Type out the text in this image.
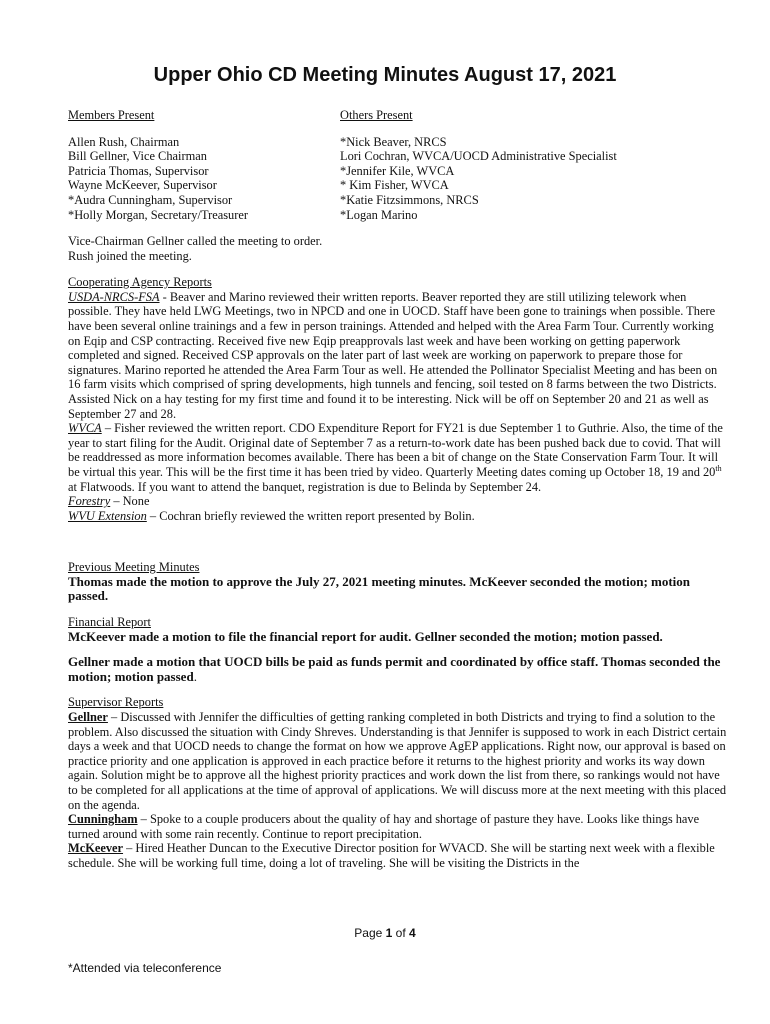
Upper Ohio CD Meeting Minutes August 17, 2021
Members Present
Allen Rush, Chairman
Bill Gellner, Vice Chairman
Patricia Thomas, Supervisor
Wayne McKeever, Supervisor
*Audra Cunningham, Supervisor
*Holly Morgan, Secretary/Treasurer
Others Present
*Nick Beaver, NRCS
Lori Cochran, WVCA/UOCD Administrative Specialist
*Jennifer Kile, WVCA
* Kim Fisher, WVCA
*Katie Fitzsimmons, NRCS
*Logan Marino

Vice-Chairman Gellner called the meeting to order.

Rush joined the meeting.

Cooperating Agency Reports

USDA-NRCS-FSA - Beaver and Marino reviewed their written reports. Beaver reported they are still utilizing telework when possible. They have held LWG Meetings, two in NPCD and one in UOCD. Staff have been gone to trainings when possible. There have been several online trainings and a few in person trainings. Attended and helped with the Area Farm Tour. Currently working on Eqip and CSP contracting. Received five new Eqip preapprovals last week and have been working on getting paperwork completed and signed. Received CSP approvals on the later part of last week are working on paperwork to prepare those for signatures. Marino reported he attended the Area Farm Tour as well. He attended the Pollinator Specialist Meeting and has been on 16 farm visits which comprised of spring developments, high tunnels and fencing, soil tested on 8 farms between the two Districts. Assisted Nick on a hay testing for my first time and found it to be interesting. Nick will be off on September 20 and 21 as well as September 27 and 28.

WVCA – Fisher reviewed the written report. CDO Expenditure Report for FY21 is due September 1 to Guthrie. Also, the time of the year to start filing for the Audit. Original date of September 7 as a return-to-work date has been pushed back due to covid. That will be readdressed as more information becomes available. There has been a bit of change on the State Conservation Farm Tour. It will be virtual this year. This will be the first time it has been tried by video. Quarterly Meeting dates coming up October 18, 19 and 20th at Flatwoods. If you want to attend the banquet, registration is due to Belinda by September 24.

Forestry – None

WVU Extension – Cochran briefly reviewed the written report presented by Bolin.

Previous Meeting Minutes

Thomas made the motion to approve the July 27, 2021 meeting minutes. McKeever seconded the motion; motion passed.

Financial Report

McKeever made a motion to file the financial report for audit. Gellner seconded the motion; motion passed.

Gellner made a motion that UOCD bills be paid as funds permit and coordinated by office staff. Thomas seconded the motion; motion passed.

Supervisor Reports

Gellner – Discussed with Jennifer the difficulties of getting ranking completed in both Districts and trying to find a solution to the problem. Also discussed the situation with Cindy Shreves. Understanding is that Jennifer is supposed to work in each District certain days a week and that UOCD needs to change the format on how we approve AgEP applications. Right now, our approval is based on practice priority and one application is approved in each practice before it returns to the highest priority and works its way down again. Solution might be to approve all the highest priority practices and work down the list from there, so rankings would not have to be completed for all applications at the time of approval of applications. We will discuss more at the next meeting with this placed on the agenda.

Cunningham – Spoke to a couple producers about the quality of hay and shortage of pasture they have. Looks like things have turned around with some rain recently. Continue to report precipitation.

McKeever – Hired Heather Duncan to the Executive Director position for WVACD. She will be starting next week with a flexible schedule. She will be working full time, doing a lot of traveling. She will be visiting the Districts in the

Page 1 of 4
*Attended via teleconference
